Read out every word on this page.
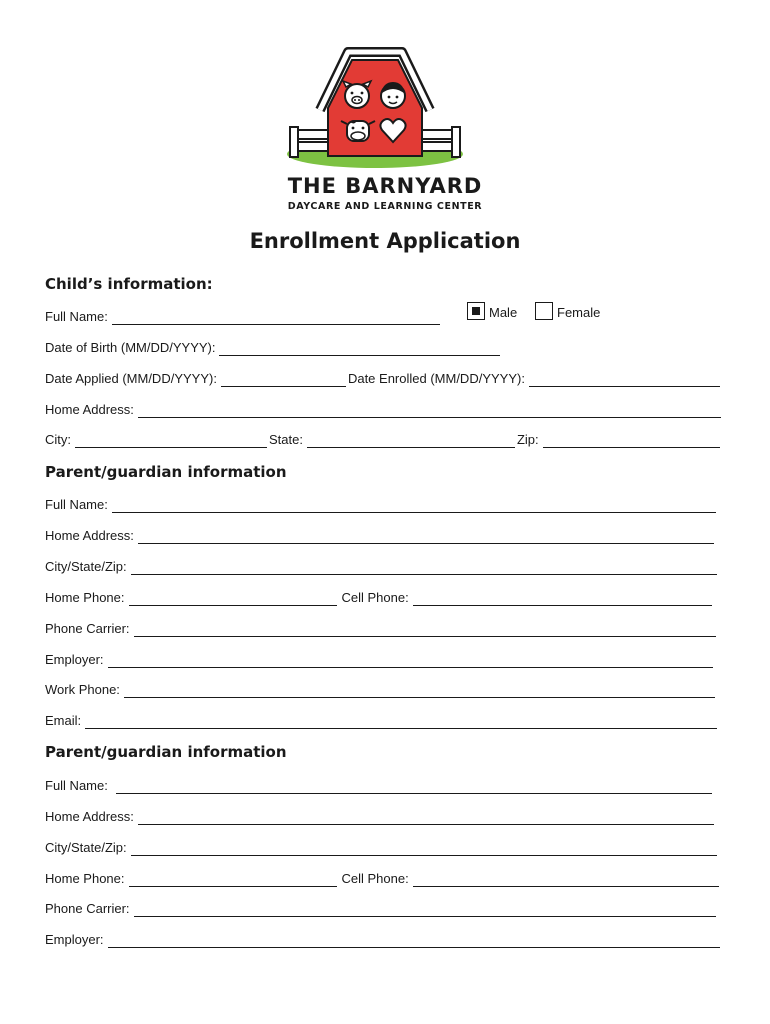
THE BARNYARD
DAYCARE AND LEARNING CENTER
Enrollment Application
Child’s information:
Full Name:	Male	Female
Date of Birth (MM/DD/YYYY):
Date Applied (MM/DD/YYYY):	Date Enrolled (MM/DD/YYYY):
Home Address:
City:	State:	Zip:
Parent/guardian information
Full Name:
Home Address:
City/State/Zip:
Home Phone:	Cell Phone:
Phone Carrier:
Employer:
Work Phone:
Email:
Parent/guardian information
Full Name:
Home Address:
City/State/Zip:
Home Phone:	Cell Phone:
Phone Carrier:
Employer:
